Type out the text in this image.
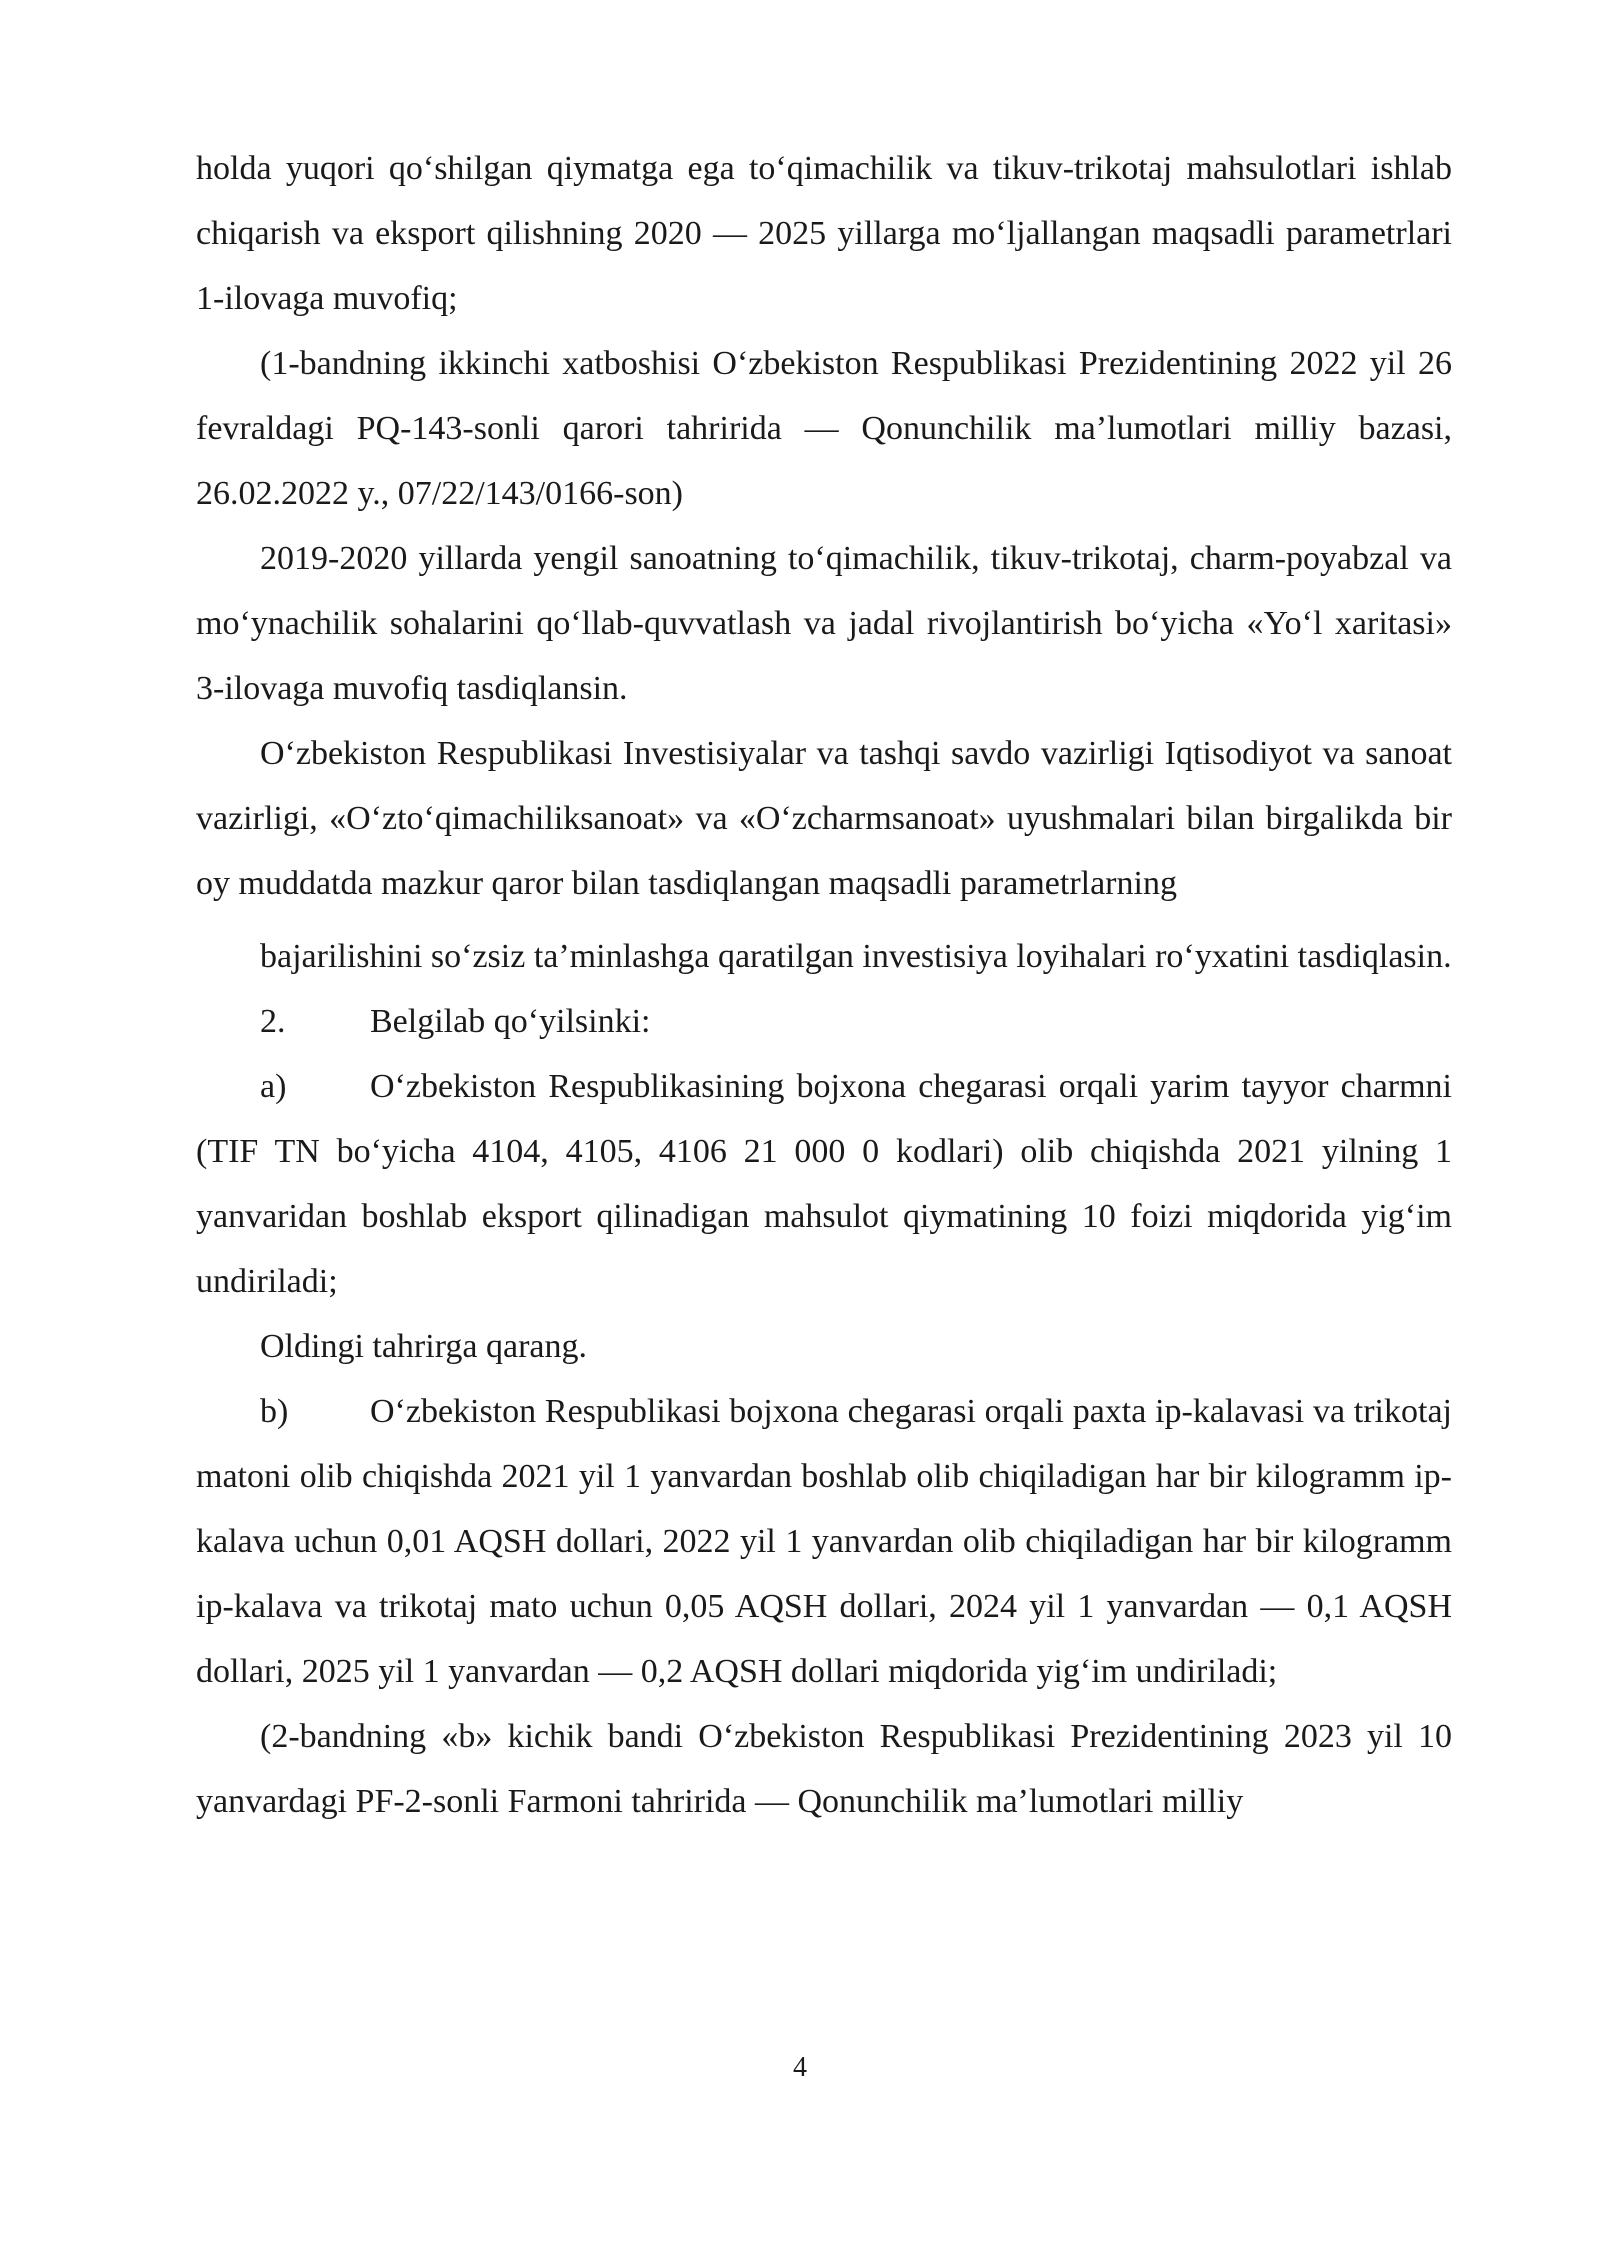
holda yuqori qo‘shilgan qiymatga ega to‘qimachilik va tikuv-trikotaj mahsulotlari ishlab chiqarish va eksport qilishning 2020 — 2025 yillarga mo‘ljallangan maqsadli parametrlari 1-ilovaga muvofiq;

(1-bandning ikkinchi xatboshisi O‘zbekiston Respublikasi Prezidentining 2022 yil 26 fevraldagi PQ-143-sonli qarori tahririda — Qonunchilik ma’lumotlari milliy bazasi, 26.02.2022 y., 07/22/143/0166-son)

2019-2020 yillarda yengil sanoatning to‘qimachilik, tikuv-trikotaj, charm-poyabzal va mo‘ynachilik sohalarini qo‘llab-quvvatlash va jadal rivojlantirish bo‘yicha «Yo‘l xaritasi» 3-ilovaga muvofiq tasdiqlansin.

O‘zbekiston Respublikasi Investisiyalar va tashqi savdo vazirligi Iqtisodiyot va sanoat vazirligi, «O‘zto‘qimachiliksanoat» va «O‘zcharmsanoat» uyushmalari bilan birgalikda bir oy muddatda mazkur qaror bilan tasdiqlangan maqsadli parametrlarning

bajarilishini so‘zsiz ta’minlashga qaratilgan investisiya loyihalari ro‘yxatini tasdiqlasin.

2. Belgilab qo‘yilsinki:

a) O‘zbekiston Respublikasining bojxona chegarasi orqali yarim tayyor charmni (TIF TN bo‘yicha 4104, 4105, 4106 21 000 0 kodlari) olib chiqishda 2021 yilning 1 yanvaridan boshlab eksport qilinadigan mahsulot qiymatining 10 foizi miqdorida yig‘im undiriladi;

Oldingi tahrirga qarang.

b) O‘zbekiston Respublikasi bojxona chegarasi orqali paxta ip-kalavasi va trikotaj matoni olib chiqishda 2021 yil 1 yanvardan boshlab olib chiqiladigan har bir kilogramm ip-kalava uchun 0,01 AQSH dollari, 2022 yil 1 yanvardan olib chiqiladigan har bir kilogramm ip-kalava va trikotaj mato uchun 0,05 AQSH dollari, 2024 yil 1 yanvardan — 0,1 AQSH dollari, 2025 yil 1 yanvardan — 0,2 AQSH dollari miqdorida yig‘im undiriladi;

(2-bandning «b» kichik bandi O‘zbekiston Respublikasi Prezidentining 2023 yil 10 yanvardagi PF-2-sonli Farmoni tahririda — Qonunchilik ma’lumotlari milliy

4
